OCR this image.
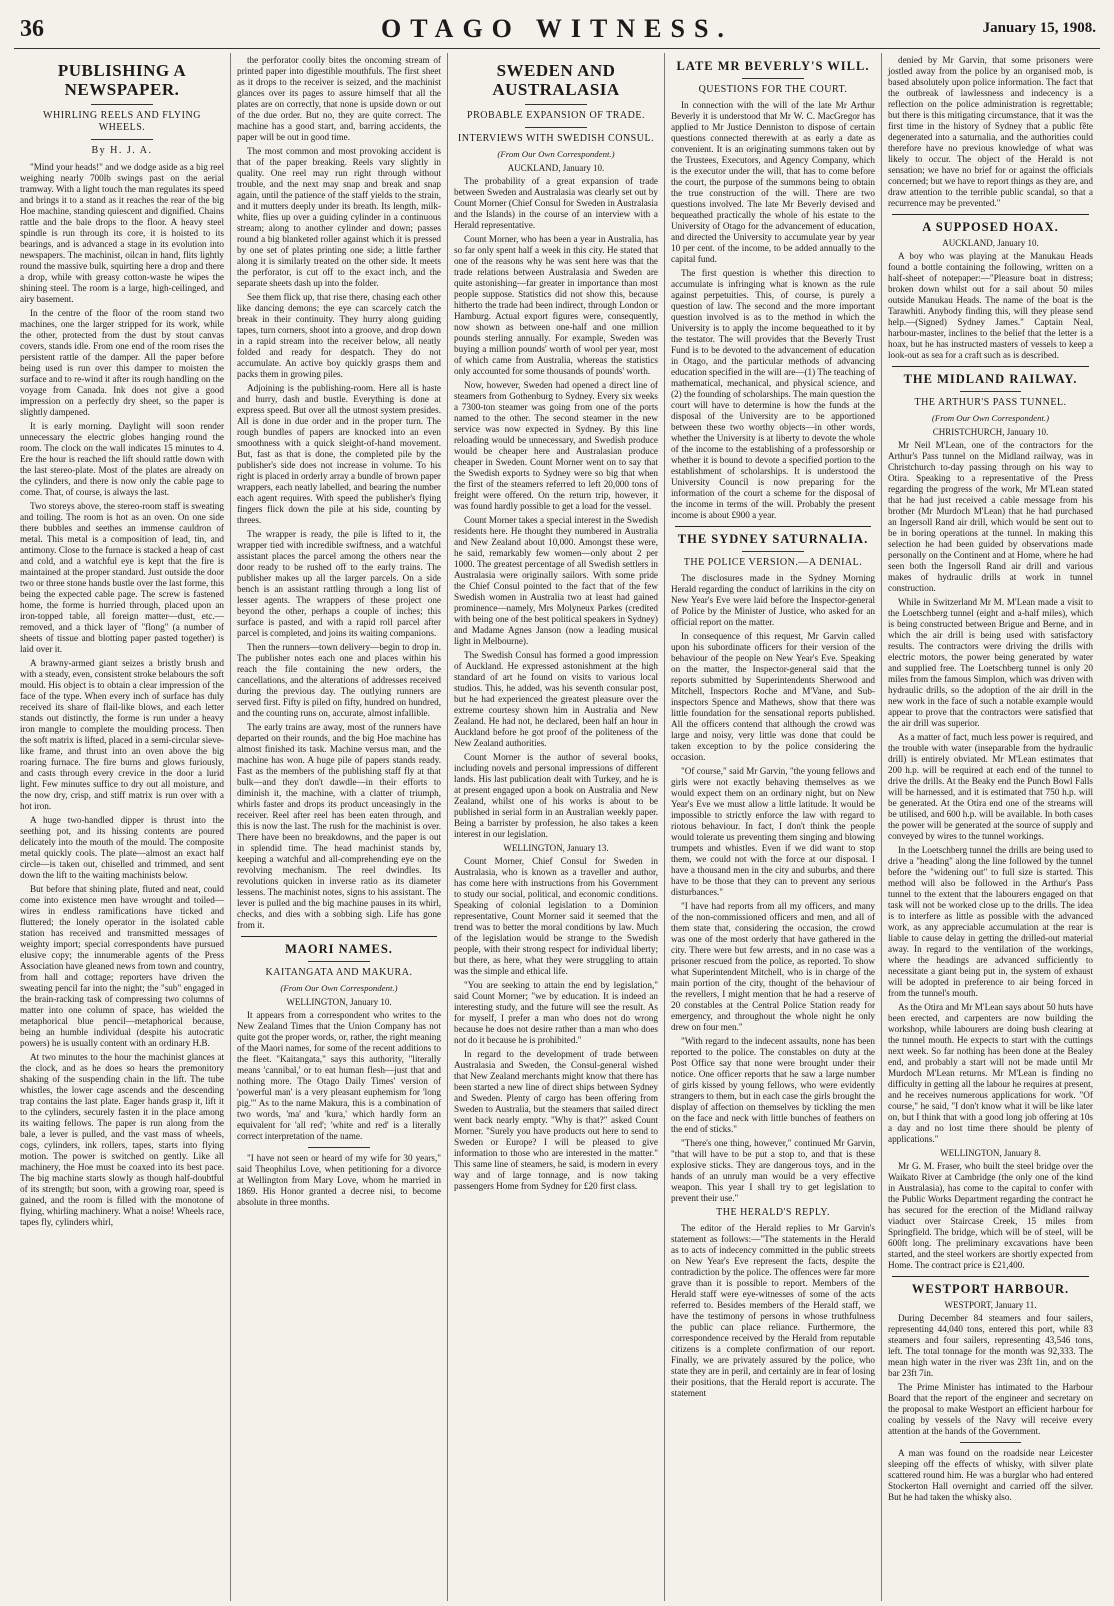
36	OTAGO WITNESS.	January 15, 1908.
PUBLISHING A NEWSPAPER.
WHIRLING REELS AND FLYING WHEELS.
By H. J. A.

"Mind your heads!" and we dodge aside as a big reel weighing nearly 700lb swings past on the aerial tramway. With a light touch the man regulates its speed and brings it to a stand as it reaches the rear of the big Hoe machine, standing quiescent and dignified. Chains rattle and the bale drops to the floor. A heavy steel spindle is run through its core, it is hoisted to its bearings, and is advanced a stage in its evolution into newspapers. The machinist, oilcan in hand, flits lightly round the massive bulk, squirting here a drop and there a drop, while with greasy cotton-waste he wipes the shining steel. The room is a large, high-ceilinged, and airy basement.

In the centre of the floor of the room stand two machines, one the larger stripped for its work, while the other, protected from the dust by stout canvas covers, stands idle. From one end of the room rises the persistent rattle of the damper. All the paper before being used is run over this damper to moisten the surface and to re-wind it after its rough handling on the voyage from Canada. Ink does not give a good impression on a perfectly dry sheet, so the paper is slightly dampened.

It is early morning. Daylight will soon render unnecessary the electric globes hanging round the room. The clock on the wall indicates 15 minutes to 4. Ere the hour is reached the lift should rattle down with the last stereo-plate. Most of the plates are already on the cylinders, and there is now only the cable page to come. That, of course, is always the last.

Two storeys above, the stereo-room staff is sweating and toiling. The room is hot as an oven. On one side there bubbles and seethes an immense cauldron of metal. This metal is a composition of lead, tin, and antimony. Close to the furnace is stacked a heap of cast and cold, and a watchful eye is kept that the fire is maintained at the proper standard. Just outside the door two or three stone hands bustle over the last forme, this being the expected cable page. The screw is fastened home, the forme is hurried through, placed upon an iron-topped table, all foreign matter—dust, etc.—removed, and a thick layer of "flong" (a number of sheets of tissue and blotting paper pasted together) is laid over it.

A brawny-armed giant seizes a bristly brush and with a steady, even, consistent stroke belabours the soft mould. His object is to obtain a clear impression of the face of the type. When every inch of surface has duly received its share of flail-like blows, and each letter stands out distinctly, the forme is run under a heavy iron mangle to complete the moulding process. Then the soft matrix is lifted, placed in a semi-circular sieve-like frame, and thrust into an oven above the big roaring furnace. The fire burns and glows furiously, and casts through every crevice in the door a lurid light. Few minutes suffice to dry out all moisture, and the now dry, crisp, and stiff matrix is run over with a hot iron.

A huge two-handled dipper is thrust into the seething pot, and its hissing contents are poured delicately into the mouth of the mould. The composite metal quickly cools. The plate—almost an exact half circle—is taken out, chiselled and trimmed, and sent down the lift to the waiting machinists below.

But before that shining plate, fluted and neat, could come into existence men have wrought and toiled—wires in endless ramifications have ticked and fluttered; the lonely operator in the isolated cable station has received and transmitted messages of weighty import; special correspondents have pursued elusive copy; the innumerable agents of the Press Association have gleaned news from town and country, from hall and cottage; reporters have driven the sweating pencil far into the night; the "sub" engaged in the brain-racking task of compressing two columns of matter into one column of space, has wielded the metaphorical blue pencil—metaphorical because, being an humble individual (despite his autocratic powers) he is usually content with an ordinary H.B.

At two minutes to the hour the machinist glances at the clock, and as he does so hears the premonitory shaking of the suspending chain in the lift. The tube whistles, the lower cage ascends and the descending trap contains the last plate. Eager hands grasp it, lift it to the cylinders, securely fasten it in the place among its waiting fellows. The paper is run along from the bale, a lever is pulled, and the vast mass of wheels, cogs, cylinders, ink rollers, tapes, starts into flying motion. The power is switched on gently. Like all machinery, the Hoe must be coaxed into its best pace. The big machine starts slowly as though half-doubtful of its strength; but soon, with a growing roar, speed is gained, and the room is filled with the monotone of flying, whirling machinery. What a noise! Wheels race, tapes fly, cylinders whirl,

the perforator coolly bites the oncoming stream of printed paper into digestible mouthfuls. The first sheet as it drops to the receiver is seized, and the machinist glances over its pages to assure himself that all the plates are on correctly, that none is upside down or out of the due order. But no, they are quite correct. The machine has a good start, and, barring accidents, the paper will be out in good time.

The most common and most provoking accident is that of the paper breaking. Reels vary slightly in quality. One reel may run right through without trouble, and the next may snap and break and snap again, until the patience of the staff yields to the strain, and it mutters deeply under its breath. Its length, milk-white, flies up over a guiding cylinder in a continuous stream; along to another cylinder and down; passes round a big blanketed roller against which it is pressed by one set of plates printing one side; a little farther along it is similarly treated on the other side. It meets the perforator, is cut off to the exact inch, and the separate sheets dash up into the folder.

See them flick up, that rise there, chasing each other like dancing demons; the eye can scarcely catch the break in their continuity. They hurry along guiding tapes, turn corners, shoot into a groove, and drop down in a rapid stream into the receiver below, all neatly folded and ready for despatch. They do not accumulate. An active boy quickly grasps them and packs them in growing piles.

Adjoining is the publishing-room. Here all is haste and hurry, dash and bustle. Everything is done at express speed. But over all the utmost system presides. All is done in due order and in the proper turn. The rough bundles of papers are knocked into an even smoothness with a quick sleight-of-hand movement. But, fast as that is done, the completed pile by the publisher's side does not increase in volume. To his right is placed in orderly array a bundle of brown paper wrappers, each neatly labelled, and bearing the number each agent requires. With speed the publisher's flying fingers flick down the pile at his side, counting by threes.

The wrapper is ready, the pile is lifted to it, the wrapper tied with incredible swiftness, and a watchful assistant places the parcel among the others near the door ready to be rushed off to the early trains. The publisher makes up all the larger parcels. On a side bench is an assistant rattling through a long list of lesser agents. The wrappers of these project one beyond the other, perhaps a couple of inches; this surface is pasted, and with a rapid roll parcel after parcel is completed, and joins its waiting companions.

Then the runners—town delivery—begin to drop in. The publisher notes each one and places within his reach the file containing the new orders, the cancellations, and the alterations of addresses received during the previous day. The outlying runners are served first. Fifty is piled on fifty, hundred on hundred, and the counting runs on, accurate, almost infallible.

The early trains are away, most of the runners have departed on their rounds, and the big Hoe machine has almost finished its task. Machine versus man, and the machine has won. A huge pile of papers stands ready. Fast as the members of the publishing staff fly at that bulk—and they don't dawdle—in their efforts to diminish it, the machine, with a clatter of triumph, whirls faster and drops its product unceasingly in the receiver. Reel after reel has been eaten through, and this is now the last. The rush for the machinist is over. There have been no breakdowns, and the paper is out in splendid time. The head machinist stands by, keeping a watchful and all-comprehending eye on the revolving mechanism. The reel dwindles. Its revolutions quicken in inverse ratio as its diameter lessens. The machinist notes, signs to his assistant. The lever is pulled and the big machine pauses in its whirl, checks, and dies with a sobbing sigh. Life has gone from it.

MAORI NAMES.
KAITANGATA AND MAKURA.
(From Our Own Correspondent.)
WELLINGTON, January 10.

It appears from a correspondent who writes to the New Zealand Times that the Union Company has not quite got the proper words, or, rather, the right meaning of the Maori names, for some of the recent additions to the fleet. "Kaitangata," says this authority, "literally means 'cannibal,' or to eat human flesh—just that and nothing more. The Otago Daily Times' version of 'powerful man' is a very pleasant euphemism for 'long pig.'" As to the name Makura, this is a combination of two words, 'ma' and 'kura,' which hardly form an equivalent for 'all red'; 'white and red' is a literally correct interpretation of the name.

"I have not seen or heard of my wife for 30 years," said Theophilus Love, when petitioning for a divorce at Wellington from Mary Love, whom he married in 1869. His Honor granted a decree nisi, to become absolute in three months.

SWEDEN AND AUSTRALASIA
PROBABLE EXPANSION OF TRADE.
INTERVIEWS WITH SWEDISH CONSUL.
(From Our Own Correspondent.)
AUCKLAND, January 10.

The probability of a great expansion of trade between Sweden and Australasia was clearly set out by Count Morner (Chief Consul for Sweden in Australasia and the Islands) in the course of an interview with a Herald representative.

Count Morner, who has been a year in Australia, has so far only spent half a week in this city. He stated that one of the reasons why he was sent here was that the trade relations between Australasia and Sweden are quite astonishing—far greater in importance than most people suppose. Statistics did not show this, because hitherto the trade had been indirect, through London or Hamburg. Actual export figures were, consequently, now shown as between one-half and one million pounds sterling annually. For example, Sweden was buying a million pounds' worth of wool per year, most of which came from Australia, whereas the statistics only accounted for some thousands of pounds' worth.

Now, however, Sweden had opened a direct line of steamers from Gothenburg to Sydney. Every six weeks a 7300-ton steamer was going from one of the ports named to the other. The second steamer in the new service was now expected in Sydney. By this line reloading would be unnecessary, and Swedish produce would be cheaper here and Australasian produce cheaper in Sweden. Count Morner went on to say that the Swedish exports to Sydney were so big that when the first of the steamers referred to left 20,000 tons of freight were offered. On the return trip, however, it was found hardly possible to get a load for the vessel.

Count Morner takes a special interest in the Swedish residents here. He thought they numbered in Australia and New Zealand about 10,000. Amongst these were, he said, remarkably few women—only about 2 per 1000. The greatest percentage of all Swedish settlers in Australasia were originally sailors. With some pride the Chief Consul pointed to the fact that of the few Swedish women in Australia two at least had gained prominence—namely, Mrs Molyneux Parkes (credited with being one of the best political speakers in Sydney) and Madame Agnes Janson (now a leading musical light in Melbourne).

The Swedish Consul has formed a good impression of Auckland. He expressed astonishment at the high standard of art he found on visits to various local studios. This, he added, was his seventh consular post, but he had experienced the greatest pleasure over the extreme courtesy shown him in Australia and New Zealand. He had not, he declared, been half an hour in Auckland before he got proof of the politeness of the New Zealand authorities.

Count Morner is the author of several books, including novels and personal impressions of different lands. His last publication dealt with Turkey, and he is at present engaged upon a book on Australia and New Zealand, whilst one of his works is about to be published in serial form in an Australian weekly paper. Being a barrister by profession, he also takes a keen interest in our legislation.

WELLINGTON, January 13.

Count Morner, Chief Consul for Sweden in Australasia, who is known as a traveller and author, has come here with instructions from his Government to study our social, political, and economic conditions. Speaking of colonial legislation to a Dominion representative, Count Morner said it seemed that the trend was to better the moral conditions by law. Much of the legislation would be strange to the Swedish people, with their strong respect for individual liberty; but there, as here, what they were struggling to attain was the simple and ethical life.

"You are seeking to attain the end by legislation," said Count Morner; "we by education. It is indeed an interesting study, and the future will see the result. As for myself, I prefer a man who does not do wrong because he does not desire rather than a man who does not do it because he is prohibited."

In regard to the development of trade between Australasia and Sweden, the Consul-general wished that New Zealand merchants might know that there has been started a new line of direct ships between Sydney and Sweden. Plenty of cargo has been offering from Sweden to Australia, but the steamers that sailed direct went back nearly empty. "Why is that?" asked Count Morner. "Surely you have products out here to send to Sweden or Europe? I will be pleased to give information to those who are interested in the matter." This same line of steamers, he said, is modern in every way and of large tonnage, and is now taking passengers Home from Sydney for £20 first class.

LATE MR BEVERLY'S WILL.
QUESTIONS FOR THE COURT.

In connection with the will of the late Mr Arthur Beverly it is understood that Mr W. C. MacGregor has applied to Mr Justice Denniston to dispose of certain questions connected therewith at as early a date as convenient. It is an originating summons taken out by the Trustees, Executors, and Agency Company, which is the executor under the will, that has to come before the court, the purpose of the summons being to obtain the true construction of the will. There are two questions involved. The late Mr Beverly devised and bequeathed practically the whole of his estate to the University of Otago for the advancement of education, and directed the University to accumulate year by year 10 per cent. of the income, to be added annually to the capital fund.

The first question is whether this direction to accumulate is infringing what is known as the rule against perpetuities. This, of course, is purely a question of law. The second and the more important question involved is as to the method in which the University is to apply the income bequeathed to it by the testator. The will provides that the Beverly Trust Fund is to be devoted to the advancement of education in Otago, and the particular methods of advancing education specified in the will are—(1) The teaching of mathematical, mechanical, and physical science, and (2) the founding of scholarships. The main question the court will have to determine is how the funds at the disposal of the University are to be apportioned between these two worthy objects—in other words, whether the University is at liberty to devote the whole of the income to the establishing of a professorship or whether it is bound to devote a specified portion to the establishment of scholarships. It is understood the University Council is now preparing for the information of the court a scheme for the disposal of the income in terms of the will. Probably the present income is about £900 a year.

THE SYDNEY SATURNALIA.
THE POLICE VERSION.—A DENIAL.

The disclosures made in the Sydney Morning Herald regarding the conduct of larrikins in the city on New Year's Eve were laid before the Inspector-general of Police by the Minister of Justice, who asked for an official report on the matter.

In consequence of this request, Mr Garvin called upon his subordinate officers for their version of the behaviour of the people on New Year's Eve. Speaking on the matter, the Inspector-general said that the reports submitted by Superintendents Sherwood and Mitchell, Inspectors Roche and M'Vane, and Sub-inspectors Spence and Mathews, show that there was little foundation for the sensational reports published. All the officers contend that although the crowd was large and noisy, very little was done that could be taken exception to by the police considering the occasion.

"Of course," said Mr Garvin, "the young fellows and girls were not exactly behaving themselves as we would expect them on an ordinary night, but on New Year's Eve we must allow a little latitude. It would be impossible to strictly enforce the law with regard to riotous behaviour. In fact, I don't think the people would tolerate us preventing them singing and blowing trumpets and whistles. Even if we did want to stop them, we could not with the force at our disposal. I have a thousand men in the city and suburbs, and there have to be those that they can to prevent any serious disturbances."

"I have had reports from all my officers, and many of the non-commissioned officers and men, and all of them state that, considering the occasion, the crowd was one of the most orderly that have gathered in the city. There were but few arrests, and in no case was a prisoner rescued from the police, as reported. To show what Superintendent Mitchell, who is in charge of the main portion of the city, thought of the behaviour of the revellers, I might mention that he had a reserve of 20 constables at the Central Police Station ready for emergency, and throughout the whole night he only drew on four men."

"With regard to the indecent assaults, none has been reported to the police. The constables on duty at the Post Office say that none were brought under their notice. One officer reports that he saw a large number of girls kissed by young fellows, who were evidently strangers to them, but in each case the girls brought the display of affection on themselves by tickling the men on the face and neck with little bunches of feathers on the end of sticks."

"There's one thing, however," continued Mr Garvin, "that will have to be put a stop to, and that is these explosive sticks. They are dangerous toys, and in the hands of an unruly man would be a very effective weapon. This year I shall try to get legislation to prevent their use."

THE HERALD'S REPLY.

The editor of the Herald replies to Mr Garvin's statement as follows:—"The statements in the Herald as to acts of indecency committed in the public streets on New Year's Eve represent the facts, despite the contradiction by the police. The offences were far more grave than it is possible to report. Members of the Herald staff were eye-witnesses of some of the acts referred to. Besides members of the Herald staff, we have the testimony of persons in whose truthfulness the public can place reliance. Furthermore, the correspondence received by the Herald from reputable citizens is a complete confirmation of our report. Finally, we are privately assured by the police, who state they are in peril, and certainly are in fear of losing their positions, that the Herald report is accurate. The statement

denied by Mr Garvin, that some prisoners were jostled away from the police by an organised mob, is based absolutely upon police information. The fact that the outbreak of lawlessness and indecency is a reflection on the police administration is regrettable; but there is this mitigating circumstance, that it was the first time in the history of Sydney that a public fête degenerated into a saturnalia, and the authorities could therefore have no previous knowledge of what was likely to occur. The object of the Herald is not sensation; we have no brief for or against the officials concerned; but we have to report things as they are, and draw attention to the terrible public scandal, so that a recurrence may be prevented."

A SUPPOSED HOAX.
AUCKLAND, January 10.

A boy who was playing at the Manukau Heads found a bottle containing the following, written on a half-sheet of notepaper:—"Pleasure boat in distress; broken down whilst out for a sail about 50 miles outside Manukau Heads. The name of the boat is the Tarawhiti. Anybody finding this, will they please send help.—(Signed) Sydney James." Captain Neal, harbour-master, inclines to the belief that the letter is a hoax, but he has instructed masters of vessels to keep a look-out as sea for a craft such as is described.

THE MIDLAND RAILWAY.
THE ARTHUR'S PASS TUNNEL.
(From Our Own Correspondent.)
CHRISTCHURCH, January 10.

Mr Neil M'Lean, one of the contractors for the Arthur's Pass tunnel on the Midland railway, was in Christchurch to-day passing through on his way to Otira. Speaking to a representative of the Press regarding the progress of the work, Mr M'Lean stated that he had just received a cable message from his brother (Mr Murdoch M'Lean) that he had purchased an Ingersoll Rand air drill, which would be sent out to be in boring operations at the tunnel. In making this selection he had been guided by observations made personally on the Continent and at Home, where he had seen both the Ingersoll Rand air drill and various makes of hydraulic drills at work in tunnel construction.

While in Switzerland Mr M. M'Lean made a visit to the Loetschberg tunnel (eight and a-half miles), which is being constructed between Brigue and Berne, and in which the air drill is being used with satisfactory results. The contractors were driving the drills with electric motors, the power being generated by water and supplied free. The Loetschberg tunnel is only 20 miles from the famous Simplon, which was driven with hydraulic drills, so the adoption of the air drill in the new work in the face of such a notable example would appear to prove that the contractors were satisfied that the air drill was superior.

As a matter of fact, much less power is required, and the trouble with water (inseparable from the hydraulic drill) is entirely obviated. Mr M'Lean estimates that 200 h.p. will be required at each end of the tunnel to drive the drills. At the Beaky end the Punch Bowl Falls will be harnessed, and it is estimated that 750 h.p. will be generated. At the Otira end one of the streams will be utilised, and 600 h.p. will be available. In both cases the power will be generated at the source of supply and conveyed by wires to the tunnel workings.

In the Loetschberg tunnel the drills are being used to drive a "heading" along the line followed by the tunnel before the "widening out" to full size is started. This method will also be followed in the Arthur's Pass tunnel to the extent that the labourers engaged on that task will not be worked close up to the drills. The idea is to interfere as little as possible with the advanced work, as any appreciable accumulation at the rear is liable to cause delay in getting the drilled-out material away. In regard to the ventilation of the workings, where the headings are advanced sufficiently to necessitate a giant being put in, the system of exhaust will be adopted in preference to air being forced in from the tunnel's mouth.

As the Otira and Mr M'Lean says about 50 huts have been erected, and carpenters are now building the workshop, while labourers are doing bush clearing at the tunnel mouth. He expects to start with the cuttings next week. So far nothing has been done at the Bealey end, and probably a start will not be made until Mr Murdoch M'Lean returns. Mr M'Lean is finding no difficulty in getting all the labour he requires at present, and he receives numerous applications for work. "Of course," he said, "I don't know what it will be like later on, but I think that with a good long job offering at 10s a day and no lost time there should be plenty of applications."

WELLINGTON, January 8.

Mr G. M. Fraser, who built the steel bridge over the Waikato River at Cambridge (the only one of the kind in Australasia), has come to the capital to confer with the Public Works Department regarding the contract he has secured for the erection of the Midland railway viaduct over Staircase Creek, 15 miles from Springfield. The bridge, which will be of steel, will be 600ft long. The preliminary excavations have been started, and the steel workers are shortly expected from Home. The contract price is £21,400.

WESTPORT HARBOUR.
WESTPORT, January 11.

During December 84 steamers and four sailers, representing 44,040 tons, entered this port, while 83 steamers and four sailers, representing 43,546 tons, left. The total tonnage for the month was 92,333. The mean high water in the river was 23ft 1in, and on the bar 23ft 7in.

The Prime Minister has intimated to the Harbour Board that the report of the engineer and secretary on the proposal to make Westport an efficient harbour for coaling by vessels of the Navy will receive every attention at the hands of the Government.

A man was found on the roadside near Leicester sleeping off the effects of whisky, with silver plate scattered round him. He was a burglar who had entered Stockerton Hall overnight and carried off the silver. But he had taken the whisky also.
